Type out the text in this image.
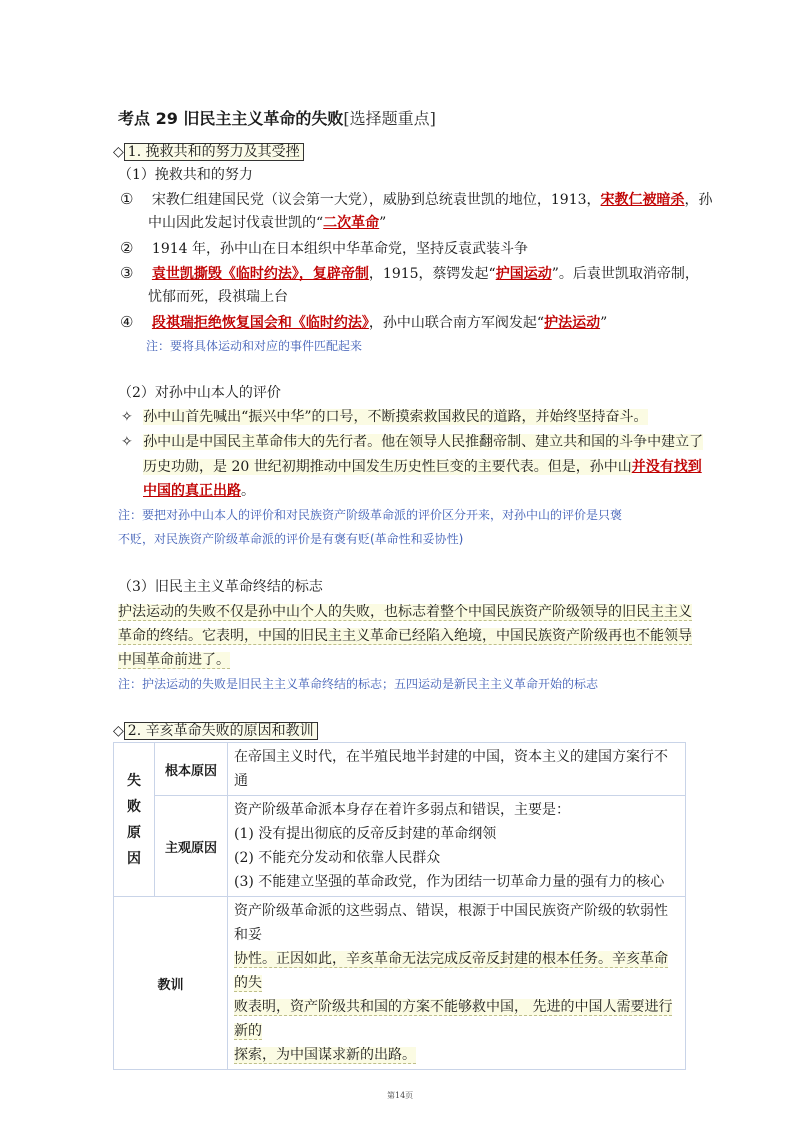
考点 29 旧民主主义革命的失败[选择题重点]
◇ 1. 挽救共和的努力及其受挫
（1）挽救共和的努力
① 宋教仁组建国民党（议会第一大党），威胁到总统袁世凯的地位，1913，宋教仁被暗杀，孙
中山因此发起讨伐袁世凯的“二次革命”
② 1914 年，孙中山在日本组织中华革命党，坚持反袁武装斗争
③ 袁世凯撕毁《临时约法》，复辟帝制，1915，蔡锷发起“护国运动”。后袁世凯取消帝制，
忧郁而死，段祺瑞上台
④ 段祺瑞拒绝恢复国会和《临时约法》，孙中山联合南方军阀发起“护法运动”
注：要将具体运动和对应的事件匹配起来
（2）对孙中山本人的评价
✧ 孙中山首先喊出“振兴中华”的口号，不断摸索救国救民的道路，并始终坚持奋斗。
✧ 孙中山是中国民主革命伟大的先行者。他在领导人民推翻帝制、建立共和国的斗争中建立了
历史功勋，是 20 世纪初期推动中国发生历史性巨变的主要代表。但是，孙中山并没有找到
中国的真正出路。
注：要把对孙中山本人的评价和对民族资产阶级革命派的评价区分开来，对孙中山的评价是只褒
不贬，对民族资产阶级革命派的评价是有褒有贬(革命性和妥协性)
（3）旧民主主义革命终结的标志
护法运动的失败不仅是孙中山个人的失败，也标志着整个中国民族资产阶级领导的旧民主主义
革命的终结。它表明，中国的旧民主主义革命已经陷入绝境，中国民族资产阶级再也不能领导
中国革命前进了。
注：护法运动的失败是旧民主主义革命终结的标志；五四运动是新民主主义革命开始的标志
◇ 2. 辛亥革命失败的原因和教训
失
败
原
因	根本原因	在帝国主义时代，在半殖民地半封建的中国，资本主义的建国方案行不通
	主观原因	资产阶级革命派本身存在着许多弱点和错误，主要是：
(1) 没有提出彻底的反帝反封建的革命纲领
(2) 不能充分发动和依靠人民群众
(3) 不能建立坚强的革命政党，作为团结一切革命力量的强有力的核心

教训		资产阶级革命派的这些弱点、错误，根源于中国民族资产阶级的软弱性和妥
协性。正因如此，辛亥革命无法完成反帝反封建的根本任务。辛亥革命的失
败表明，资产阶级共和国的方案不能够救中国， 先进的中国人需要进行新的
探索，为中国谋求新的出路。
第14页
